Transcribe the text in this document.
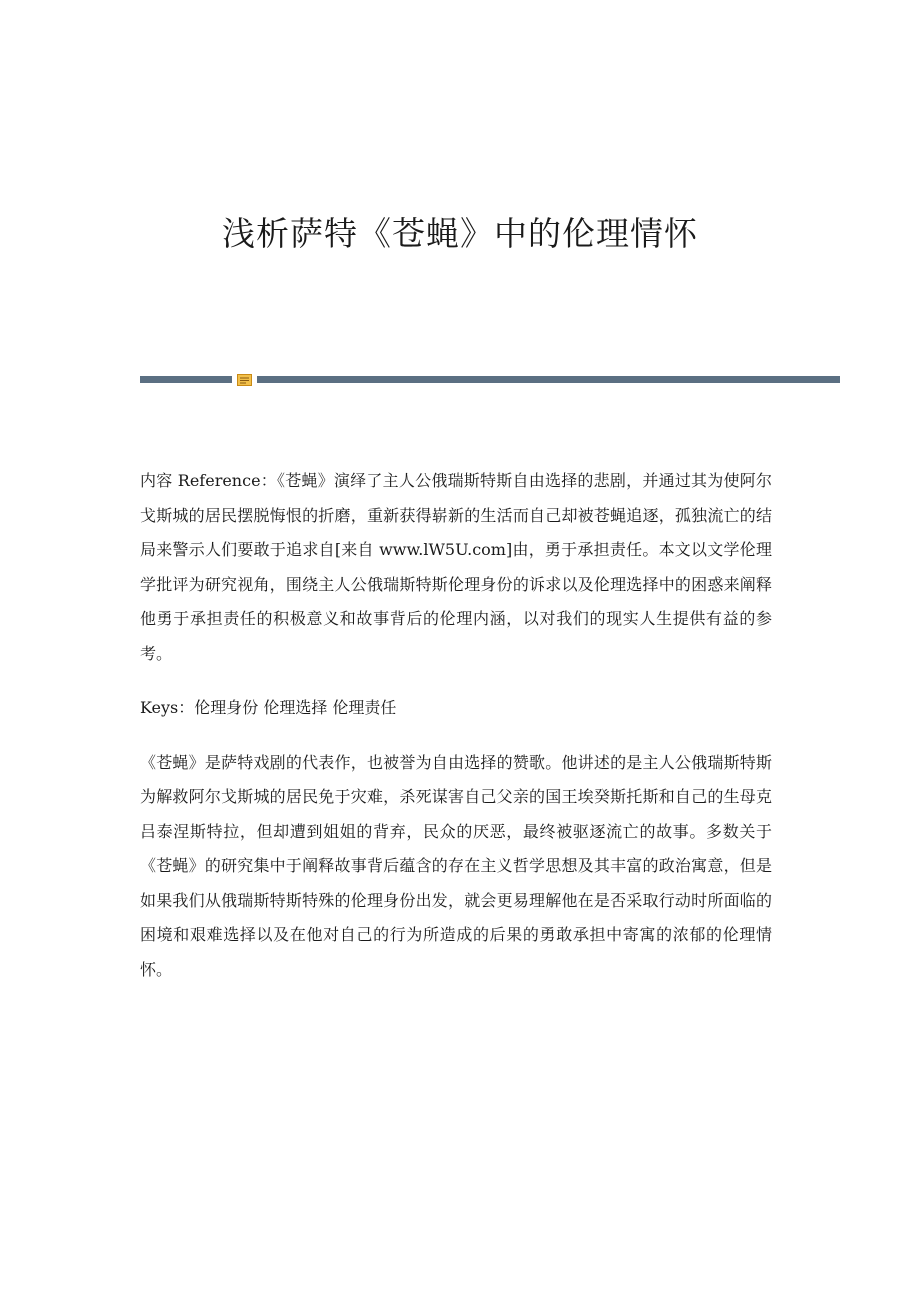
浅析萨特《苍蝇》中的伦理情怀

内容 Reference：《苍蝇》演绎了主人公俄瑞斯特斯自由选择的悲剧，并通过其为使阿尔戈斯城的居民摆脱悔恨的折磨，重新获得崭新的生活而自己却被苍蝇追逐，孤独流亡的结局来警示人们要敢于追求自[来自 www.lW5U.com]由，勇于承担责任。本文以文学伦理学批评为研究视角，围绕主人公俄瑞斯特斯伦理身份的诉求以及伦理选择中的困惑来阐释他勇于承担责任的积极意义和故事背后的伦理内涵，以对我们的现实人生提供有益的参考。

Keys：伦理身份 伦理选择 伦理责任

《苍蝇》是萨特戏剧的代表作，也被誉为自由选择的赞歌。他讲述的是主人公俄瑞斯特斯为解救阿尔戈斯城的居民免于灾难，杀死谋害自己父亲的国王埃癸斯托斯和自己的生母克吕泰涅斯特拉，但却遭到姐姐的背弃，民众的厌恶，最终被驱逐流亡的故事。多数关于《苍蝇》的研究集中于阐释故事背后蕴含的存在主义哲学思想及其丰富的政治寓意，但是如果我们从俄瑞斯特斯特殊的伦理身份出发，就会更易理解他在是否采取行动时所面临的困境和艰难选择以及在他对自己的行为所造成的后果的勇敢承担中寄寓的浓郁的伦理情怀。
